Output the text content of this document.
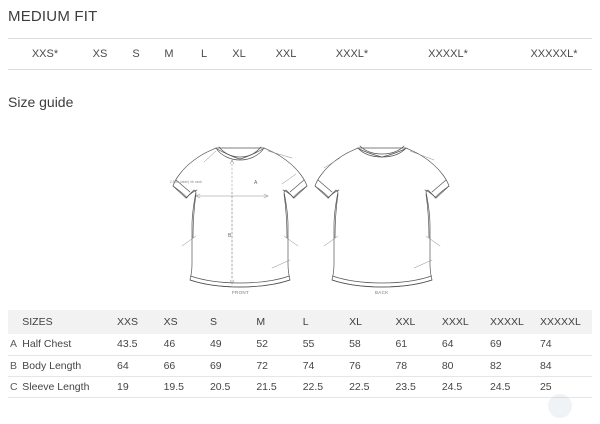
MEDIUM FIT
XXS*	XS	S	M	L	XL	XXL	XXXL*	XXXXL*	XXXXXL*
Size guide
2.5cm (wide) rib neck	A
B
FRONT	BACK
	SIZES	XXS	XS	S	M	L	XL	XXL	XXXL	XXXXL	XXXXXL
A	Half Chest	43.5	46	49	52	55	58	61	64	69	74
B	Body Length	64	66	69	72	74	76	78	80	82	84
C	Sleeve Length	19	19.5	20.5	21.5	22.5	22.5	23.5	24.5	24.5	25
